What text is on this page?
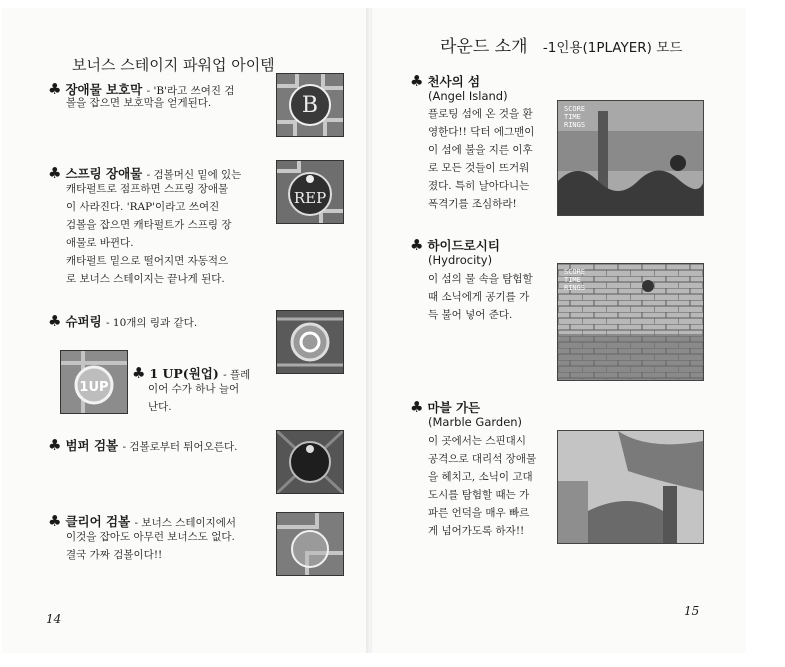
보너스 스테이지 파워업 아이템
♣ 장애물 보호막 - 'B'라고 쓰여진 검
볼을 잡으면 보호막을 얻게된다.	B
♣ 스프링 장애물 - 검볼머신 밑에 있는
캐타펄트로 점프하면 스프링 장애물
이 사라진다. 'RAP'이라고 쓰여진
검볼을 잡으면 캐타펄트가 스프링 장
애물로 바뀐다.
캐타펄트 밑으로 떨어지면 자동적으
로 보너스 스테이지는 끝나게 된다.
REP
♣ 슈퍼링 - 10개의 링과 같다.
1UP
♣ 1 UP(원업) - 플레
이어 수가 하나 늘어
난다.
♣ 범퍼 검볼 - 검볼로부터 튀어오른다.
♣ 클리어 검볼 - 보너스 스테이지에서
이것을 잡아도 아무런 보너스도 없다.
결국 가짜 검볼이다!!
14
라운드 소개 -1인용(1PLAYER) 모드
♣ 천사의 섬
(Angel Island)
플로팅 섬에 온 것을 환
영한다!! 닥터 에그맨이
이 섬에 불을 지른 이후
로 모든 것들이 뜨거워
졌다. 특히 날아다니는
폭격기를 조심하라!
SCORE
TIME
RINGS
♣ 하이드로시티
(Hydrocity)
이 섬의 물 속을 탐험할
때 소닉에게 공기를 가
득 불어 넣어 준다.
SCORE
TIME
RINGS
♣ 마블 가든
(Marble Garden)
이 곳에서는 스핀대시
공격으로 대리석 장애물
을 헤치고, 소닉이 고대
도시를 탐험할 때는 가
파른 언덕을 매우 빠르
게 넘어가도록 하자!!
15
